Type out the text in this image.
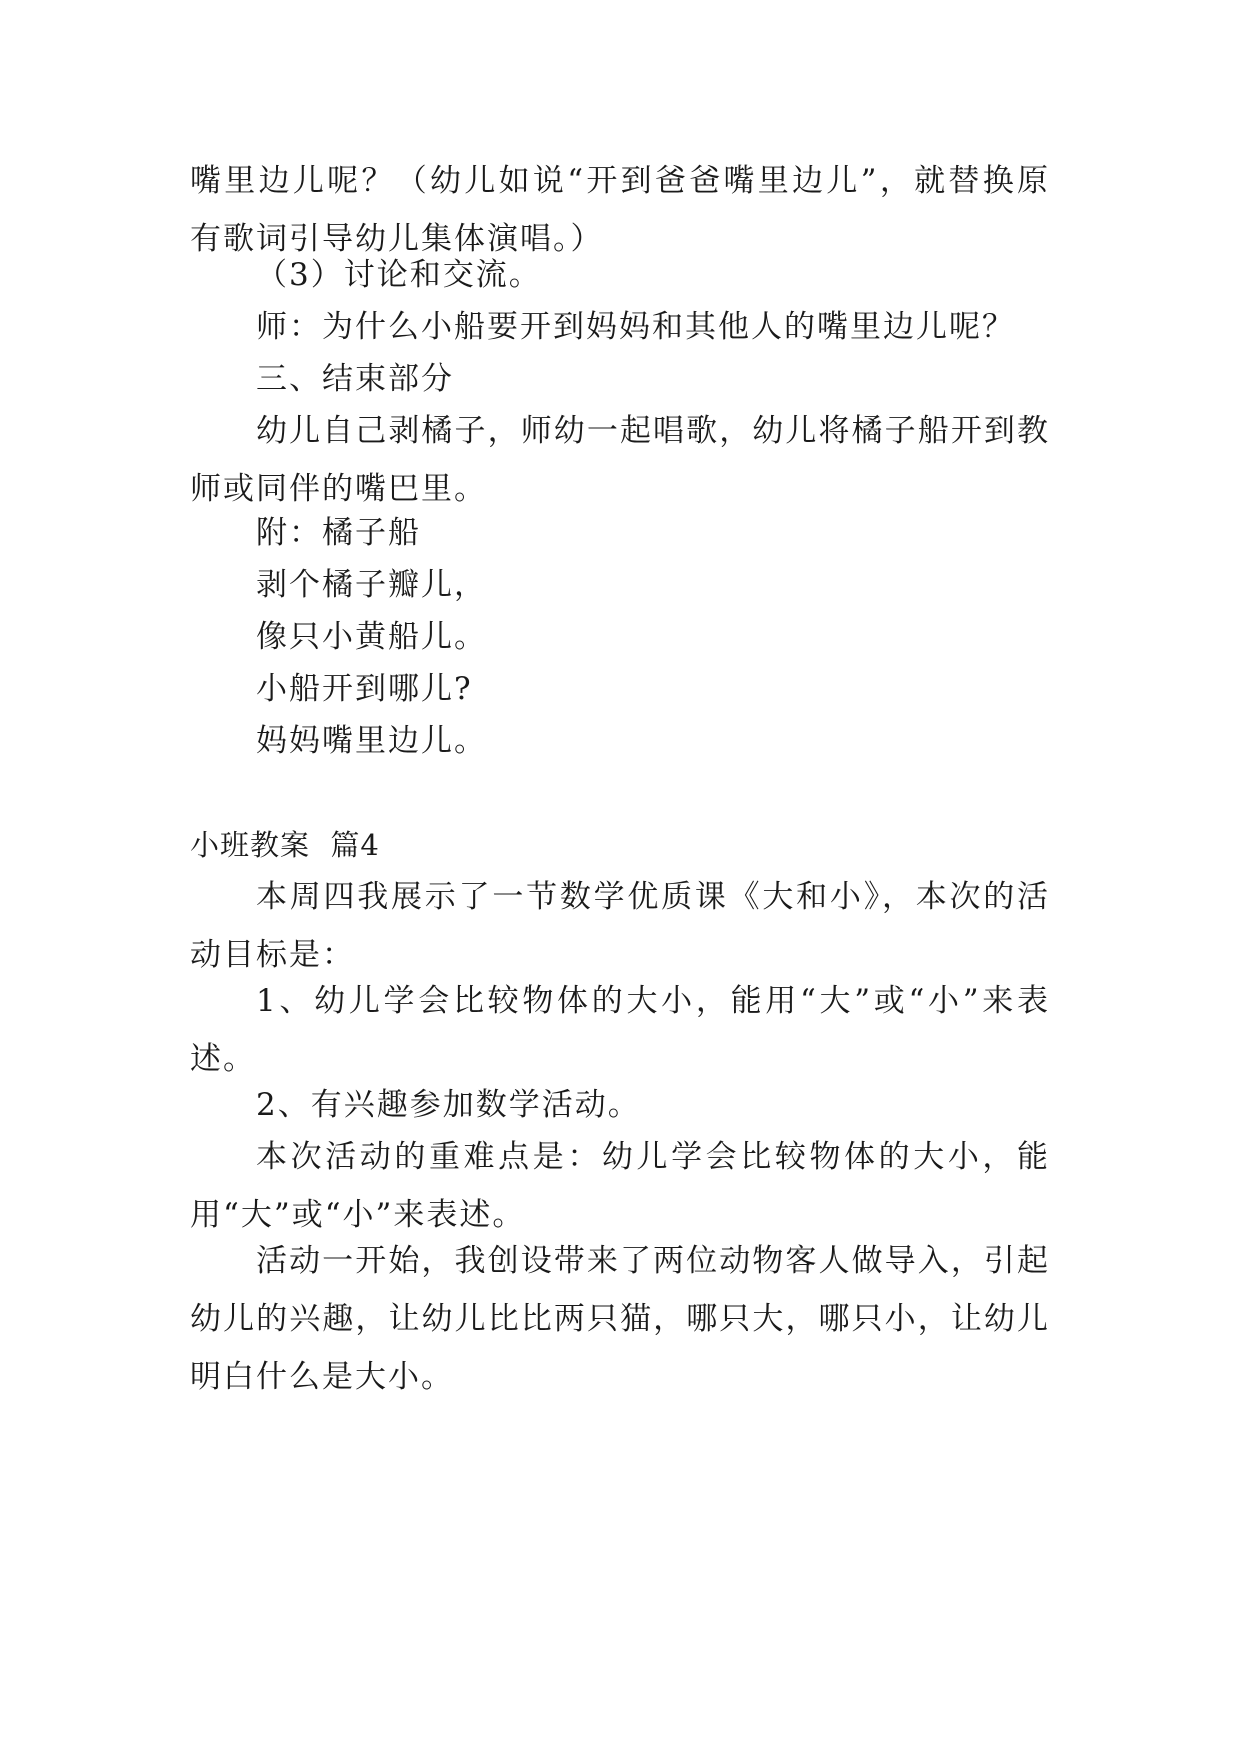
嘴里边儿呢？（幼儿如说“开到爸爸嘴里边儿”，就替换原有歌词引导幼儿集体演唱。）

（3）讨论和交流。
师：为什么小船要开到妈妈和其他人的嘴里边儿呢？
三、结束部分

幼儿自己剥橘子，师幼一起唱歌，幼儿将橘子船开到教师或同伴的嘴巴里。

附：橘子船
剥个橘子瓣儿，
像只小黄船儿。
小船开到哪儿?
妈妈嘴里边儿。
小班教案  篇4

本周四我展示了一节数学优质课《大和小》，本次的活动目标是：

1、幼儿学会比较物体的大小，能用“大”或“小”来表述。

2、有兴趣参加数学活动。

本次活动的重难点是：幼儿学会比较物体的大小，能用“大”或“小”来表述。

活动一开始，我创设带来了两位动物客人做导入，引起幼儿的兴趣，让幼儿比比两只猫，哪只大，哪只小，让幼儿明白什么是大小。
